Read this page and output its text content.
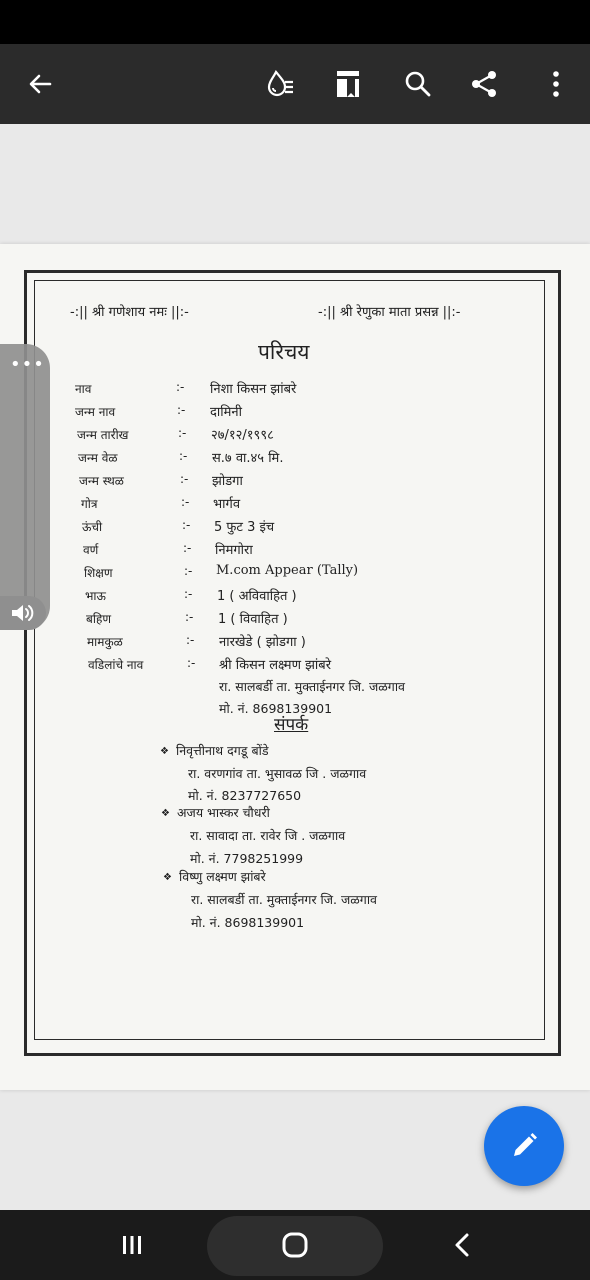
-:|| श्री गणेशाय नमः ||:-	-:|| श्री रेणुका माता प्रसन्न ||:-
परिचय
नाव	:- निशा किसन झांबरे
जन्म नाव	:- दामिनी
जन्म तारीख	:- २७/१२/१९९८
जन्म वेळ	:- स.७ वा.४५ मि.
जन्म स्थळ	:- झोडगा
गोत्र	:- भार्गव
ऊंची	:- 5 फुट 3 इंच
वर्ण	:- निमगोरा
शिक्षण	:- M.com Appear (Tally)
भाऊ	:- 1 ( अविवाहित )
बहिण	:- 1 ( विवाहित )
मामकुळ	:- नारखेडे ( झोडगा )
वडिलांचे नाव	:- श्री किसन लक्ष्मण झांबरे
रा. सालबर्डी ता. मुक्ताईनगर जि. जळगाव
मो. नं. 8698139901
संपर्क
❖ निवृत्तीनाथ दगडू बोंडे
रा. वरणगांव ता. भुसावळ जि . जळगाव
मो. नं. 8237727650
❖ अजय भास्कर चौधरी
रा. सावादा ता. रावेर जि . जळगाव
मो. नं. 7798251999
❖ विष्णु लक्ष्मण झांबरे
रा. सालबर्डी ता. मुक्ताईनगर जि. जळगाव
मो. नं. 8698139901
•••
